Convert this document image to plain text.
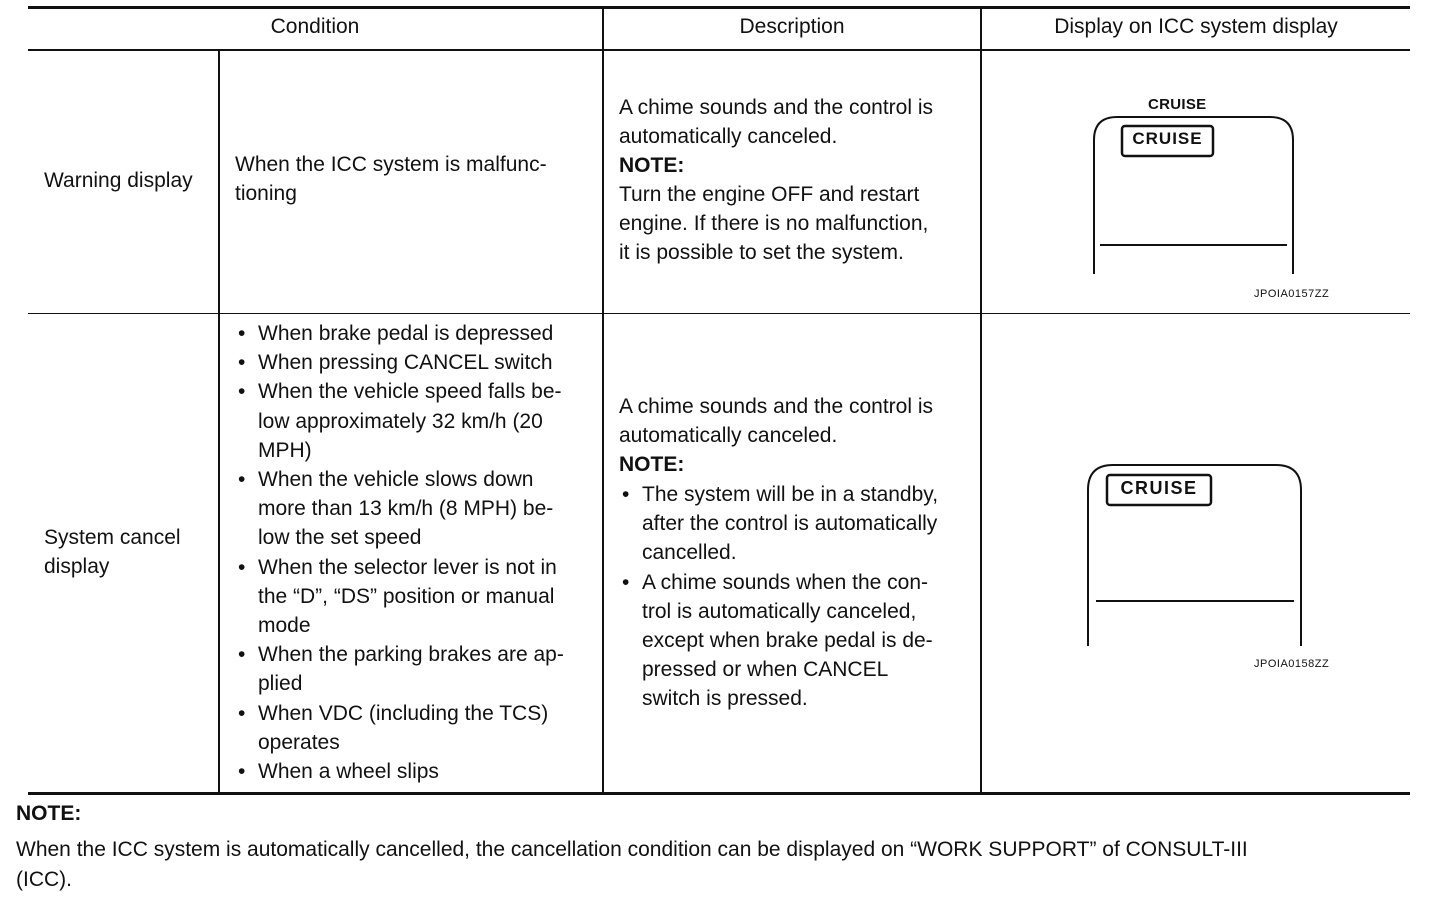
Condition	Description	Display on ICC system display
Warning display
When the ICC system is malfunc-
tioning
A chime sounds and the control is
automatically canceled.
NOTE:
Turn the engine OFF and restart
engine. If there is no malfunction,
it is possible to set the system.
CRUISE
CRUISE
JPOIA0157ZZ
System cancel
display
• When brake pedal is depressed
• When pressing CANCEL switch
• When the vehicle speed falls be-
low approximately 32 km/h (20
MPH)
• When the vehicle slows down
more than 13 km/h (8 MPH) be-
low the set speed
• When the selector lever is not in
the “D”, “DS” position or manual
mode
• When the parking brakes are ap-
plied
• When VDC (including the TCS)
operates
• When a wheel slips
A chime sounds and the control is
automatically canceled.
NOTE:
• The system will be in a standby,
after the control is automatically
cancelled.
• A chime sounds when the con-
trol is automatically canceled,
except when brake pedal is de-
pressed or when CANCEL
switch is pressed.
CRUISE
JPOIA0158ZZ
NOTE:
When the ICC system is automatically cancelled, the cancellation condition can be displayed on “WORK SUPPORT” of CONSULT-III
(ICC).
